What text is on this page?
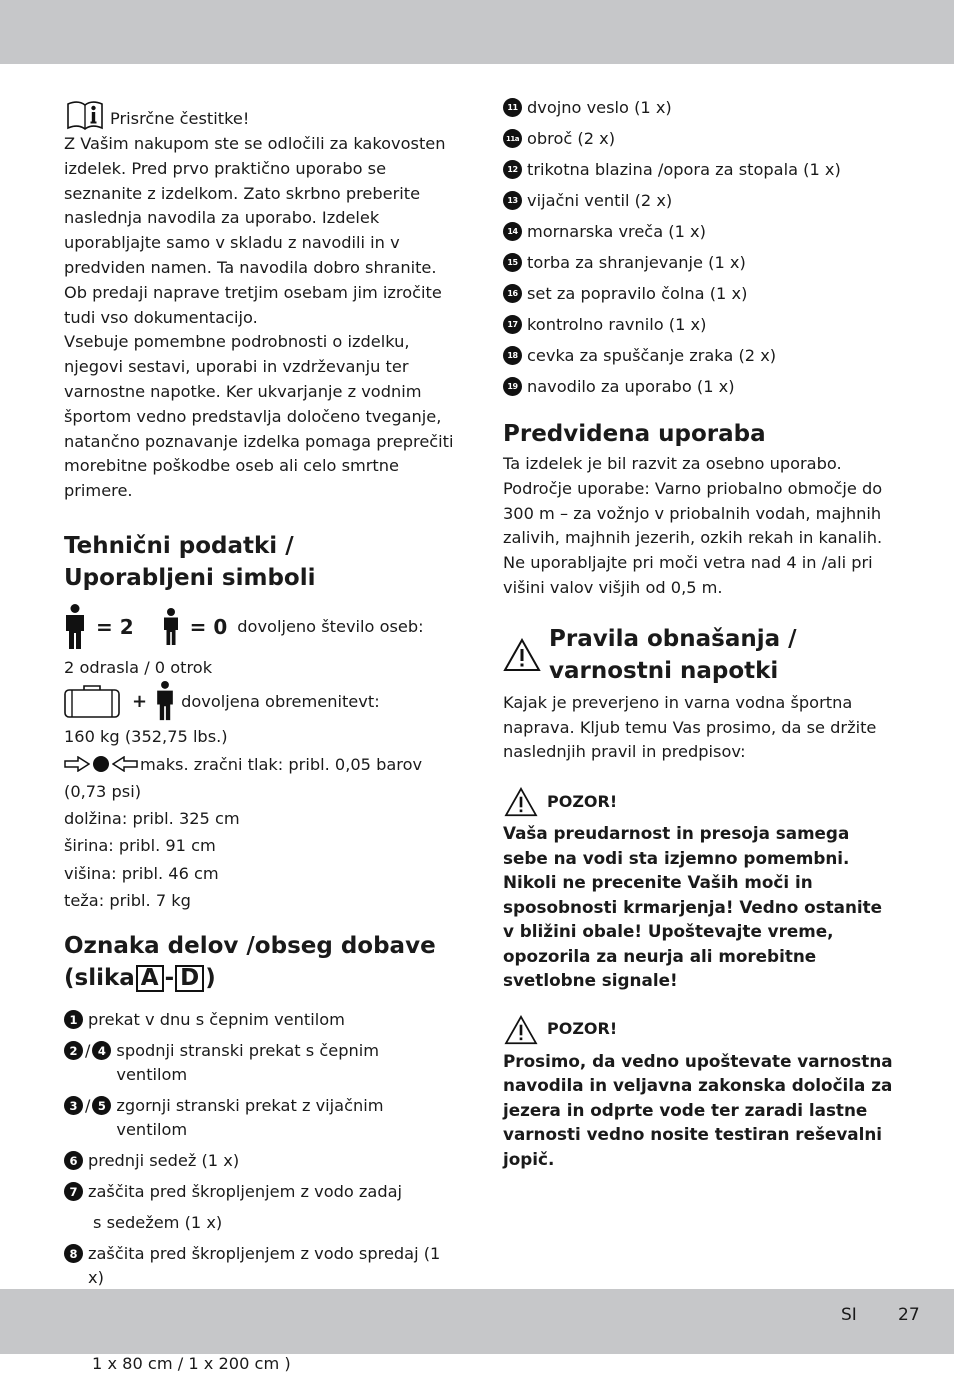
Prisrčne čestitke!

Z Vašim nakupom ste se odločili za kakovosten izdelek. Pred prvo praktično uporabo se seznanite z izdelkom. Zato skrbno preberite naslednja navodila za uporabo. Izdelek uporabljajte samo v skladu z navodili in v predviden namen. Ta navodila dobro shranite. Ob predaji naprave tretjim osebam jim izročite tudi vso dokumentacijo.

Vsebuje pomembne podrobnosti o izdelku, njegovi sestavi, uporabi in vzdrževanju ter varnostne napotke. Ker ukvarjanje z vodnim športom vedno predstavlja določeno tveganje, natančno poznavanje izdelka pomaga preprečiti morebitne poškodbe oseb ali celo smrtne primere.

Tehnični podatki /
Uporabljeni simboli
= 2	= 0 dovoljeno število oseb:
2 odrasla / 0 otrok
+ dovoljena obremenitevt:
160 kg (352,75 lbs.)
maks. zračni tlak: pribl. 0,05 barov
(0,73 psi)
dolžina: pribl. 325 cm
širina: pribl. 91 cm
višina: pribl. 46 cm
teža: pribl. 7 kg
Oznaka delov /obseg dobave
(slika A - D )
1 prekat v dnu s čepnim ventilom
2 / 4 spodnji stranski prekat s čepnim ventilom
3 / 5 zgornji stranski prekat z vijačnim ventilom
6 prednji sedež (1 x)
7 zaščita pred škropljenjem z vodo zadaj
s sedežem (1 x)
8 zaščita pred škropljenjem z vodo spredaj (1 x)
1 x 80 cm / 1 x 200 cm )
11 dvojno veslo (1 x)
11a obroč (2 x)
12 trikotna blazina /opora za stopala (1 x)
13 vijačni ventil (2 x)
14 mornarska vreča (1 x)
15 torba za shranjevanje (1 x)
16 set za popravilo čolna (1 x)
17 kontrolno ravnilo (1 x)
18 cevka za spuščanje zraka (2 x)
19 navodilo za uporabo (1 x)
Predvidena uporaba

Ta izdelek je bil razvit za osebno uporabo. Področje uporabe: Varno priobalno območje do 300 m – za vožnjo v priobalnih vodah, majhnih zalivih, majhnih jezerih, ozkih rekah in kanalih. Ne uporabljajte pri moči vetra nad 4 in /ali pri višini valov višjih od 0,5 m.

Pravila obnašanja /
varnostni napotki

Kajak je preverjeno in varna vodna športna naprava. Kljub temu Vas prosimo, da se držite naslednjih pravil in predpisov:

POZOR!

Vaša preudarnost in presoja samega sebe na vodi sta izjemno pomembni. Nikoli ne precenite Vaših moči in sposobnosti krmarjenja! Vedno ostanite v bližini obale! Upoštevajte vreme, opozorila za neurja ali morebitne svetlobne signale!

POZOR!

Prosimo, da vedno upoštevate varnostna navodila in veljavna zakonska določila za jezera in odprte vode ter zaradi lastne varnosti vedno nosite testiran reševalni jopič.

SI 27
